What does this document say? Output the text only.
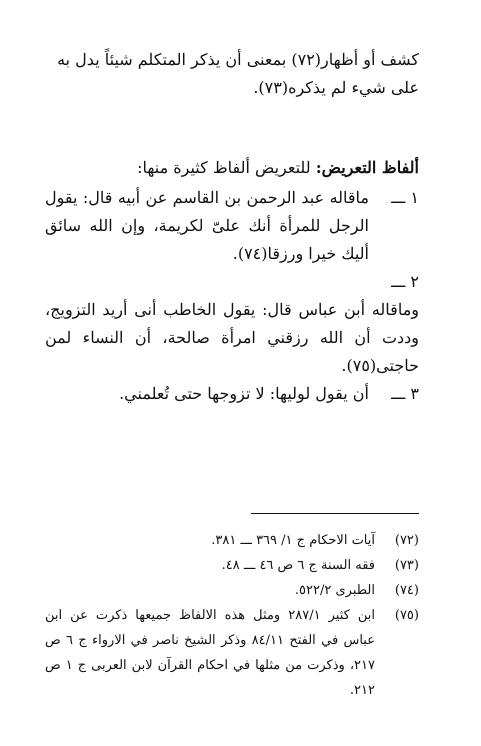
كشف أو أظهار(٧٢) بمعنى أن يذكر المتكلم شيئاً يدل به
على شيء لم يذكره(٧٣).

ألفاظ التعريض: للتعريض ألفاظ كثيرة منها:

١ ـــ
ماقاله عبد الرحمن بن القاسم عن أبيه قال: يقول الرجل للمرأة أنك علىّ لكريمة، وإن الله سائق أليك خيرا ورزقا(٧٤).
٢ ـــ
وماقاله أبن عباس قال: يقول الخاطب أنى أريد التزويج، وددت أن الله رزقني امرأة صالحة، أن النساء لمن حاجتى(٧٥).
٣ ـــ
أن يقول لوليها: لا تزوجها حتى تُعلمني.
(٧٢)
آيات الاحكام ج ١/ ٣٦٩ ـــ ٣٨١.
(٧٣)
فقه السنة ج ٦ ص ٤٦ ـــ ٤٨.
(٧٤)
الطبرى ٥٢٢/٢.
(٧٥)
ابن كثير ٢٨٧/١ ومثل هذه الالفاظ جميعها ذكرت عن ابن عباس في الفتح ٨٤/١١ وذكر الشيخ ناصر في الارواء ج ٦ ص ٢١٧، وذكرت من مثلها في احكام القرآن لابن العربى ج ١ ص ٢١٢.
